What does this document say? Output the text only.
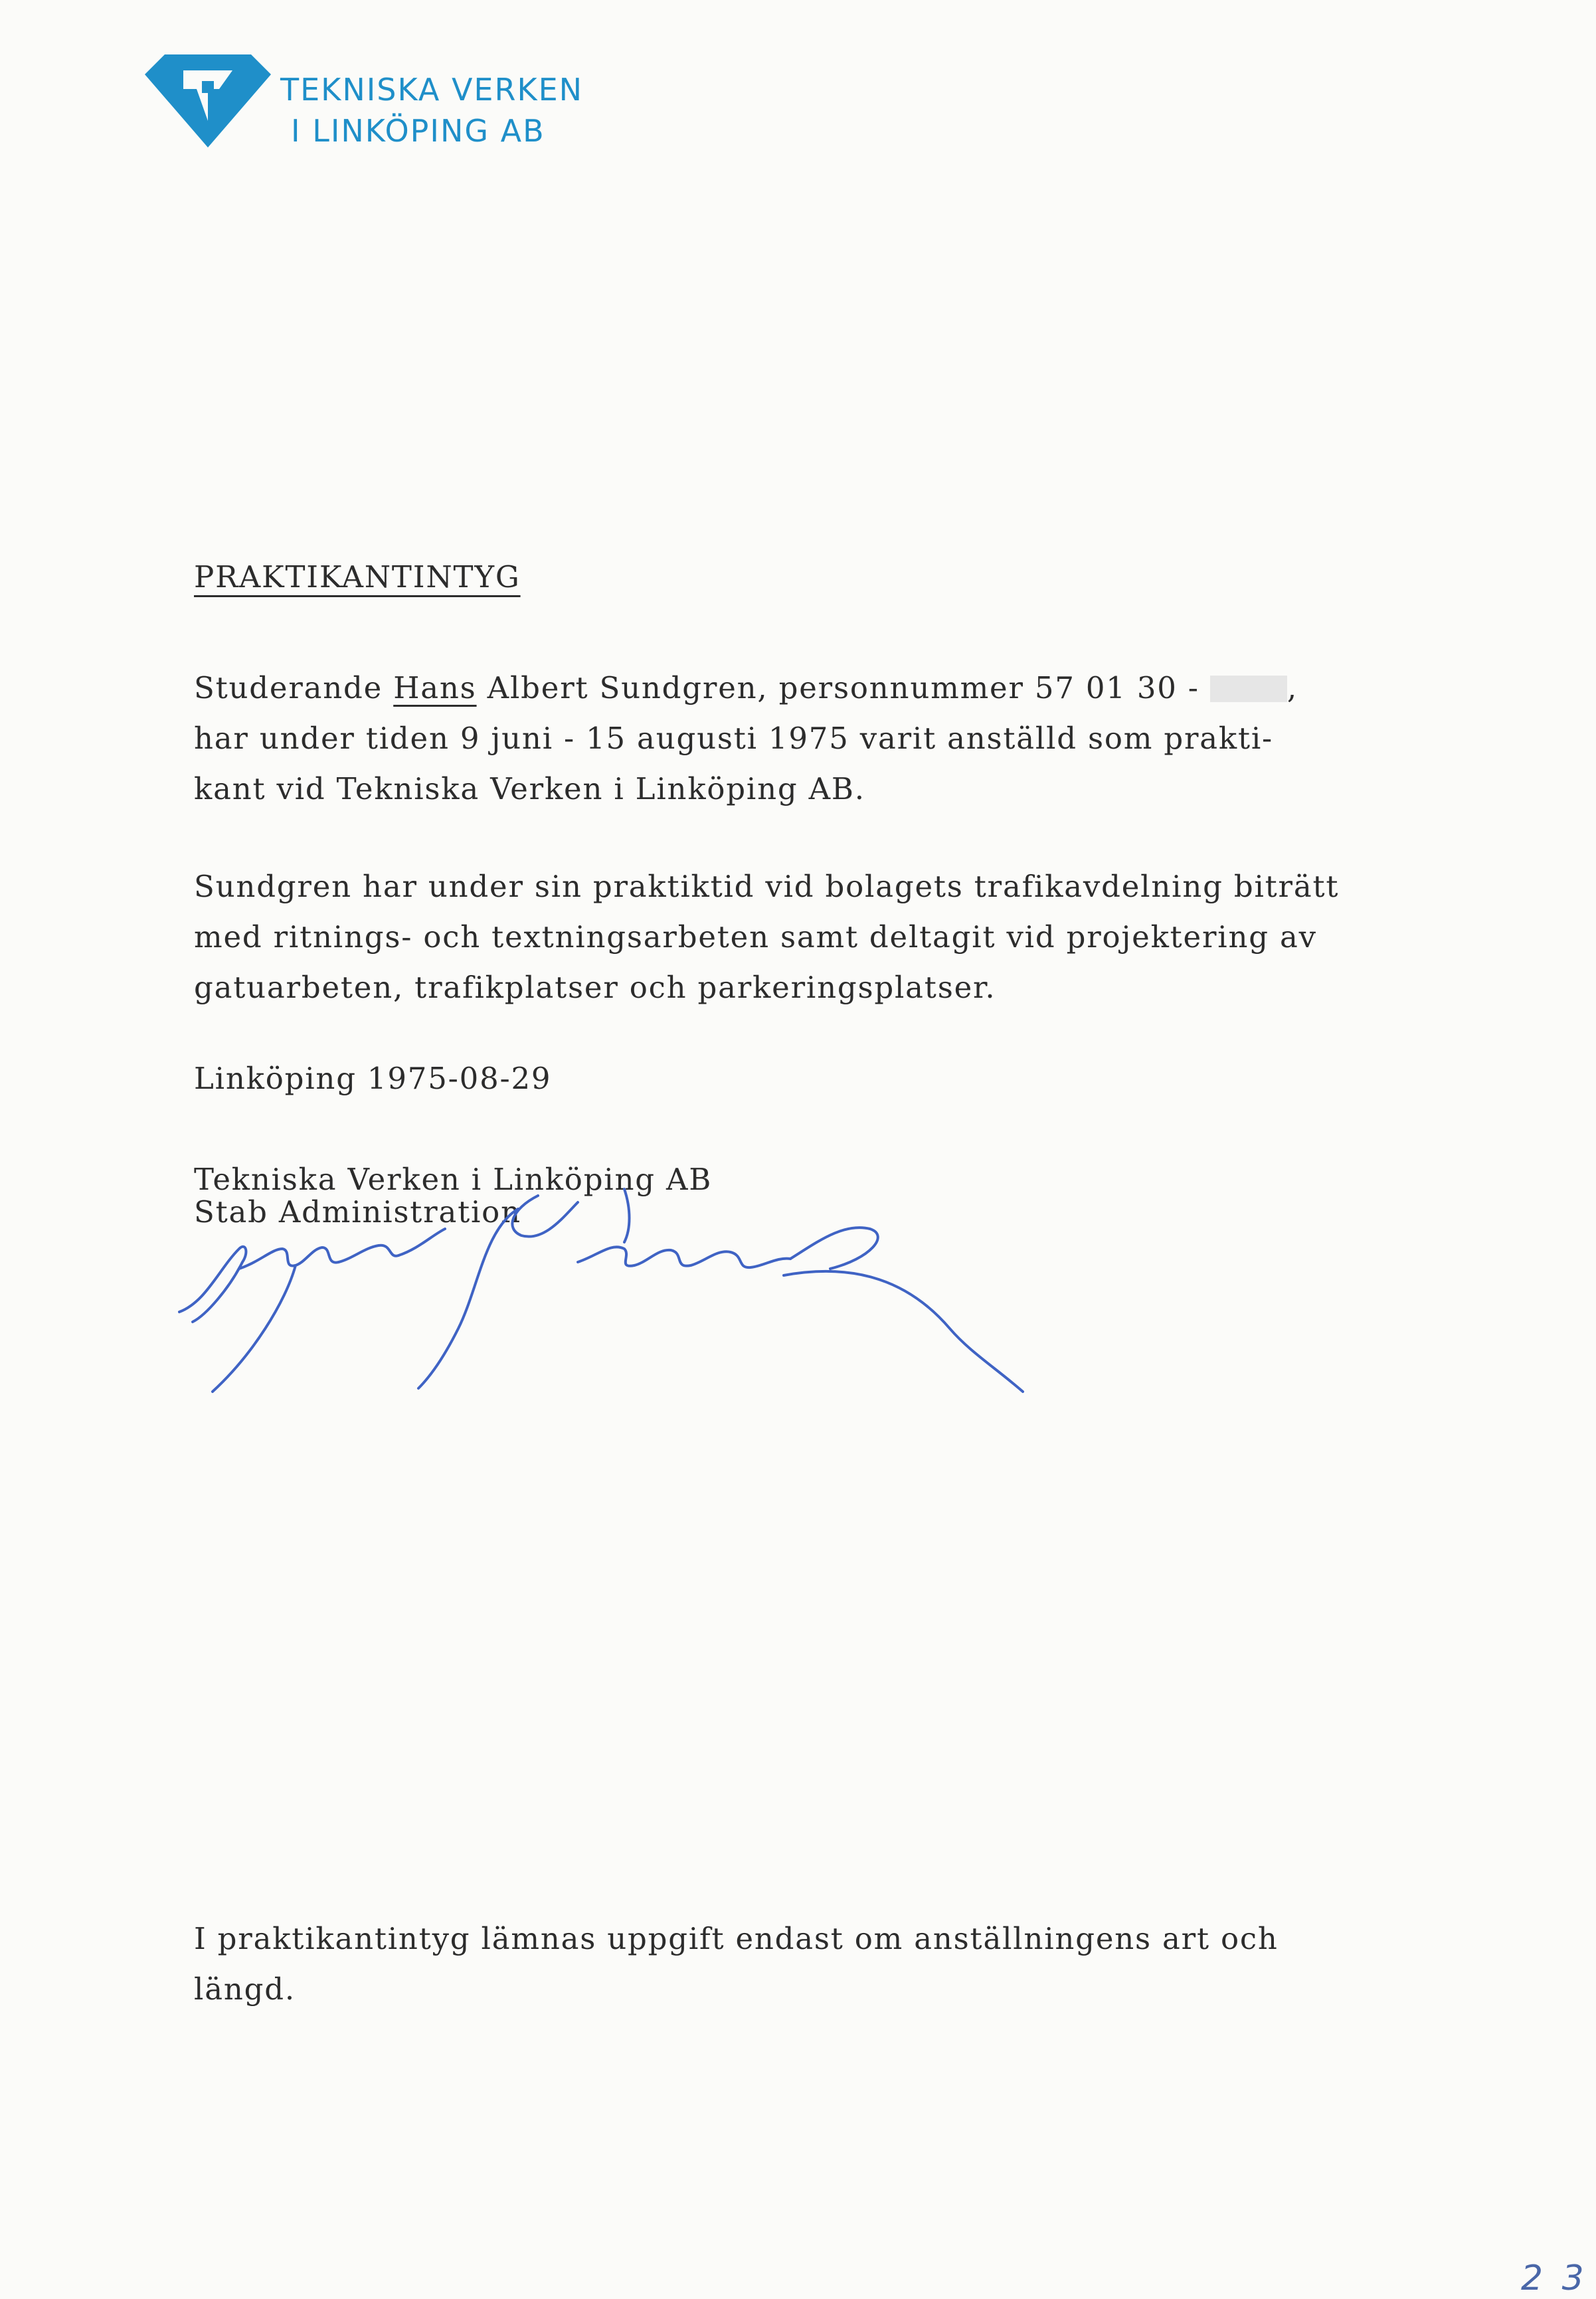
TEKNISKA VERKEN
I LINKÖPING AB
PRAKTIKANTINTYG
Studerande Hans Albert Sundgren, personnummer 57 01 30 -	,
har under tiden 9 juni - 15 augusti 1975 varit anställd som prakti-
kant vid Tekniska Verken i Linköping AB.
Sundgren har under sin praktiktid vid bolagets trafikavdelning biträtt
med ritnings- och textningsarbeten samt deltagit vid projektering av
gatuarbeten, trafikplatser och parkeringsplatser.
Linköping 1975-08-29
Tekniska Verken i Linköping AB
Stab Administration
I praktikantintyg lämnas uppgift endast om anställningens art och
längd.
2 3
